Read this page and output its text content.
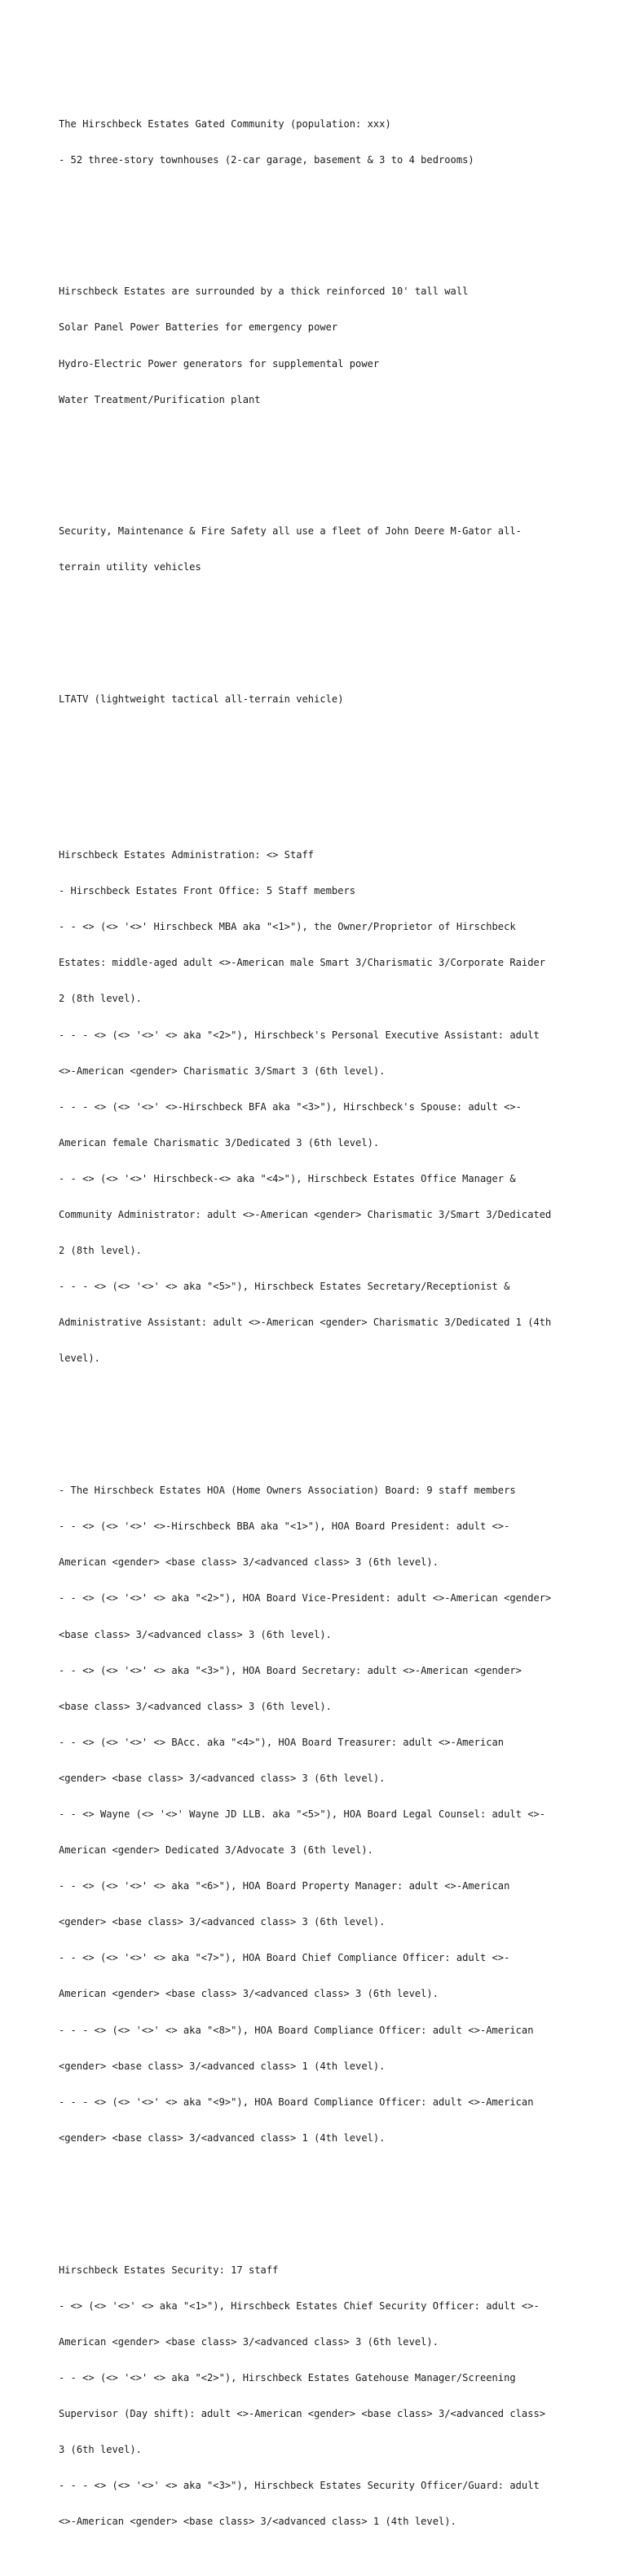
The Hirschbeck Estates Gated Community (population: xxx)

- 52 three-story townhouses (2-car garage, basement & 3 to 4 bedrooms)

Hirschbeck Estates are surrounded by a thick reinforced 10' tall wall

Solar Panel Power Batteries for emergency power

Hydro-Electric Power generators for supplemental power

Water Treatment/Purification plant

Security, Maintenance & Fire Safety all use a fleet of John Deere M-Gator all-

terrain utility vehicles

LTATV (lightweight tactical all-terrain vehicle)

Hirschbeck Estates Administration: <> Staff

- Hirschbeck Estates Front Office: 5 Staff members

- - <> (<> '<>' Hirschbeck MBA aka "<1>"), the Owner/Proprietor of Hirschbeck

Estates: middle-aged adult <>-American male Smart 3/Charismatic 3/Corporate Raider

2 (8th level).

- - - <> (<> '<>' <> aka "<2>"), Hirschbeck's Personal Executive Assistant: adult

<>-American <gender> Charismatic 3/Smart 3 (6th level).

- - - <> (<> '<>' <>-Hirschbeck BFA aka "<3>"), Hirschbeck's Spouse: adult <>-

American female Charismatic 3/Dedicated 3 (6th level).

- - <> (<> '<>' Hirschbeck-<> aka "<4>"), Hirschbeck Estates Office Manager &

Community Administrator: adult <>-American <gender> Charismatic 3/Smart 3/Dedicated

2 (8th level).

- - - <> (<> '<>' <> aka "<5>"), Hirschbeck Estates Secretary/Receptionist &

Administrative Assistant: adult <>-American <gender> Charismatic 3/Dedicated 1 (4th

level).

- The Hirschbeck Estates HOA (Home Owners Association) Board: 9 staff members

- - <> (<> '<>' <>-Hirschbeck BBA aka "<1>"), HOA Board President: adult <>-

American <gender> <base class> 3/<advanced class> 3 (6th level).

- - <> (<> '<>' <> aka "<2>"), HOA Board Vice-President: adult <>-American <gender>

<base class> 3/<advanced class> 3 (6th level).

- - <> (<> '<>' <> aka "<3>"), HOA Board Secretary: adult <>-American <gender>

<base class> 3/<advanced class> 3 (6th level).

- - <> (<> '<>' <> BAcc. aka "<4>"), HOA Board Treasurer: adult <>-American

<gender> <base class> 3/<advanced class> 3 (6th level).

- - <> Wayne (<> '<>' Wayne JD LLB. aka "<5>"), HOA Board Legal Counsel: adult <>-

American <gender> Dedicated 3/Advocate 3 (6th level).

- - <> (<> '<>' <> aka "<6>"), HOA Board Property Manager: adult <>-American

<gender> <base class> 3/<advanced class> 3 (6th level).

- - <> (<> '<>' <> aka "<7>"), HOA Board Chief Compliance Officer: adult <>-

American <gender> <base class> 3/<advanced class> 3 (6th level).

- - - <> (<> '<>' <> aka "<8>"), HOA Board Compliance Officer: adult <>-American

<gender> <base class> 3/<advanced class> 1 (4th level).

- - - <> (<> '<>' <> aka "<9>"), HOA Board Compliance Officer: adult <>-American

<gender> <base class> 3/<advanced class> 1 (4th level).

Hirschbeck Estates Security: 17 staff

- <> (<> '<>' <> aka "<1>"), Hirschbeck Estates Chief Security Officer: adult <>-

American <gender> <base class> 3/<advanced class> 3 (6th level).

- - <> (<> '<>' <> aka "<2>"), Hirschbeck Estates Gatehouse Manager/Screening

Supervisor (Day shift): adult <>-American <gender> <base class> 3/<advanced class>

3 (6th level).

- - - <> (<> '<>' <> aka "<3>"), Hirschbeck Estates Security Officer/Guard: adult

<>-American <gender> <base class> 3/<advanced class> 1 (4th level).
